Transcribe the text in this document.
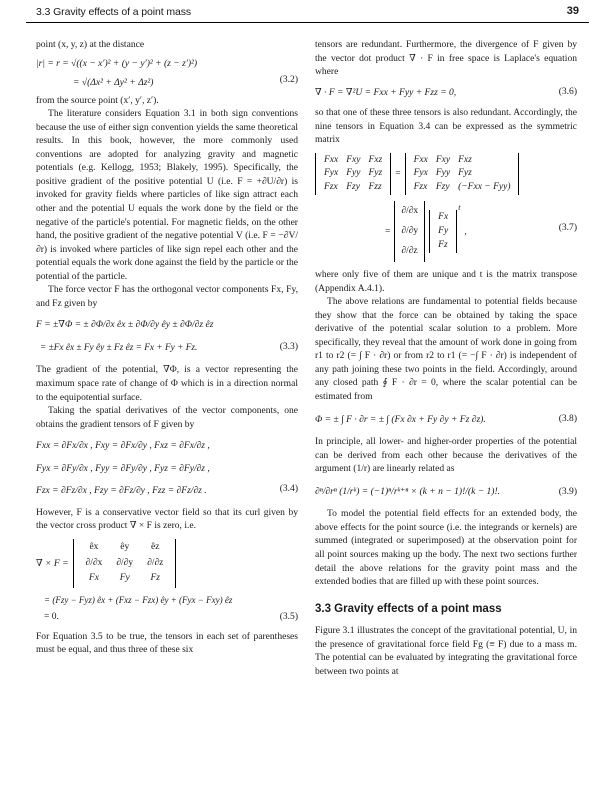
3.3 Gravity effects of a point mass	39

point (x, y, z) at the distance

|r| = r = √((x − x′)² + (y − y′)² + (z − z′)²)
= √(Δx² + Δy² + Δz²)	(3.2)

from the source point (x′, y′, z′).

The literature considers Equation 3.1 in both sign conventions because the use of either sign convention yields the same theoretical results. In this book, however, the more commonly used conventions are adopted for analyzing gravity and magnetic potentials (e.g. Kellogg, 1953; Blakely, 1995). Specifically, the positive gradient of the positive potential U (i.e. F = +∂U/∂r) is invoked for gravity fields where particles of like sign attract each other and the potential U equals the work done by the field or the negative of the particle's potential. For magnetic fields, on the other hand, the positive gradient of the negative potential V (i.e. F = −∂V/∂r) is invoked where particles of like sign repel each other and the potential equals the work done against the field by the particle or the potential of the particle.

The force vector F has the orthogonal vector components Fx, Fy, and Fz given by

F = ±∇Φ = ± ∂Φ/∂x êx ± ∂Φ/∂y êy ± ∂Φ/∂z êz
= ±Fx êx ± Fy êy ± Fz êz = Fx + Fy + Fz.	(3.3)

The gradient of the potential, ∇Φ, is a vector representing the maximum space rate of change of Φ which is in a direction normal to the equipotential surface.

Taking the spatial derivatives of the vector components, one obtains the gradient tensors of F given by

Fxx = ∂Fx/∂x , Fxy = ∂Fx/∂y , Fxz = ∂Fx/∂z ,
Fyx = ∂Fy/∂x , Fyy = ∂Fy/∂y , Fyz = ∂Fy/∂z ,
Fzx = ∂Fz/∂x , Fzy = ∂Fz/∂y , Fzz = ∂Fz/∂z .	(3.4)

However, F is a conservative vector field so that its curl given by the vector cross product ∇ × F is zero, i.e.

∇ × F =
êx	êy	êz
∂/∂x	∂/∂y	∂/∂z
Fx	Fy	Fz
= (Fzy − Fyz) êx + (Fxz − Fzx) êy + (Fyx − Fxy) êz
= 0.	(3.5)

For Equation 3.5 to be true, the tensors in each set of parentheses must be equal, and thus three of these six

tensors are redundant. Furthermore, the divergence of F given by the vector dot product ∇ · F in free space is Laplace's equation where

∇ · F = ∇²U = Fxx + Fyy + Fzz = 0,	(3.6)

so that one of these three tensors is also redundant. Accordingly, the nine tensors in Equation 3.4 can be expressed as the symmetric matrix

Fxx	Fxy	Fxz
Fyx	Fyy	Fyz
Fzx	Fzy	Fzz
=
Fxx	Fxy	Fxz
Fyx	Fyy	Fyz
Fzx	Fzy	(−Fxx − Fyy)
=
∂/∂x
∂/∂y
∂/∂z
Fx
Fy
Fz
$^t$
,	(3.7)

where only five of them are unique and t is the matrix transpose (Appendix A.4.1).

The above relations are fundamental to potential fields because they show that the force can be obtained by taking the space derivative of the potential scalar solution to a problem. More specifically, they reveal that the amount of work done in going from r1 to r2 (= ∫ F · ∂r) or from r2 to r1 (= −∫ F · ∂r) is independent of any path joining these two points in the field. Accordingly, around any closed path ∮ F · ∂r = 0, where the scalar potential can be estimated from

Φ = ± ∫ F · ∂r = ± ∫ (Fx ∂x + Fy ∂y + Fz ∂z).	(3.8)

In principle, all lower- and higher-order properties of the potential can be derived from each other because the derivatives of the argument (1/r) are linearly related as

∂ⁿ/∂rⁿ (1/rᵏ) = (−1)ⁿ/rᵏ⁺ⁿ × (k + n − 1)!/(k − 1)!.	(3.9)

To model the potential field effects for an extended body, the above effects for the point source (i.e. the integrands or kernels) are summed (integrated or superimposed) at the observation point for all point sources making up the body. The next two sections further detail the above relations for the gravity point mass and the extended bodies that are filled up with these point sources.

3.3 Gravity effects of a point mass

Figure 3.1 illustrates the concept of the gravitational potential, U, in the presence of gravitational force field Fg (≡ F) due to a mass m. The potential can be evaluated by integrating the gravitational force between two points at
